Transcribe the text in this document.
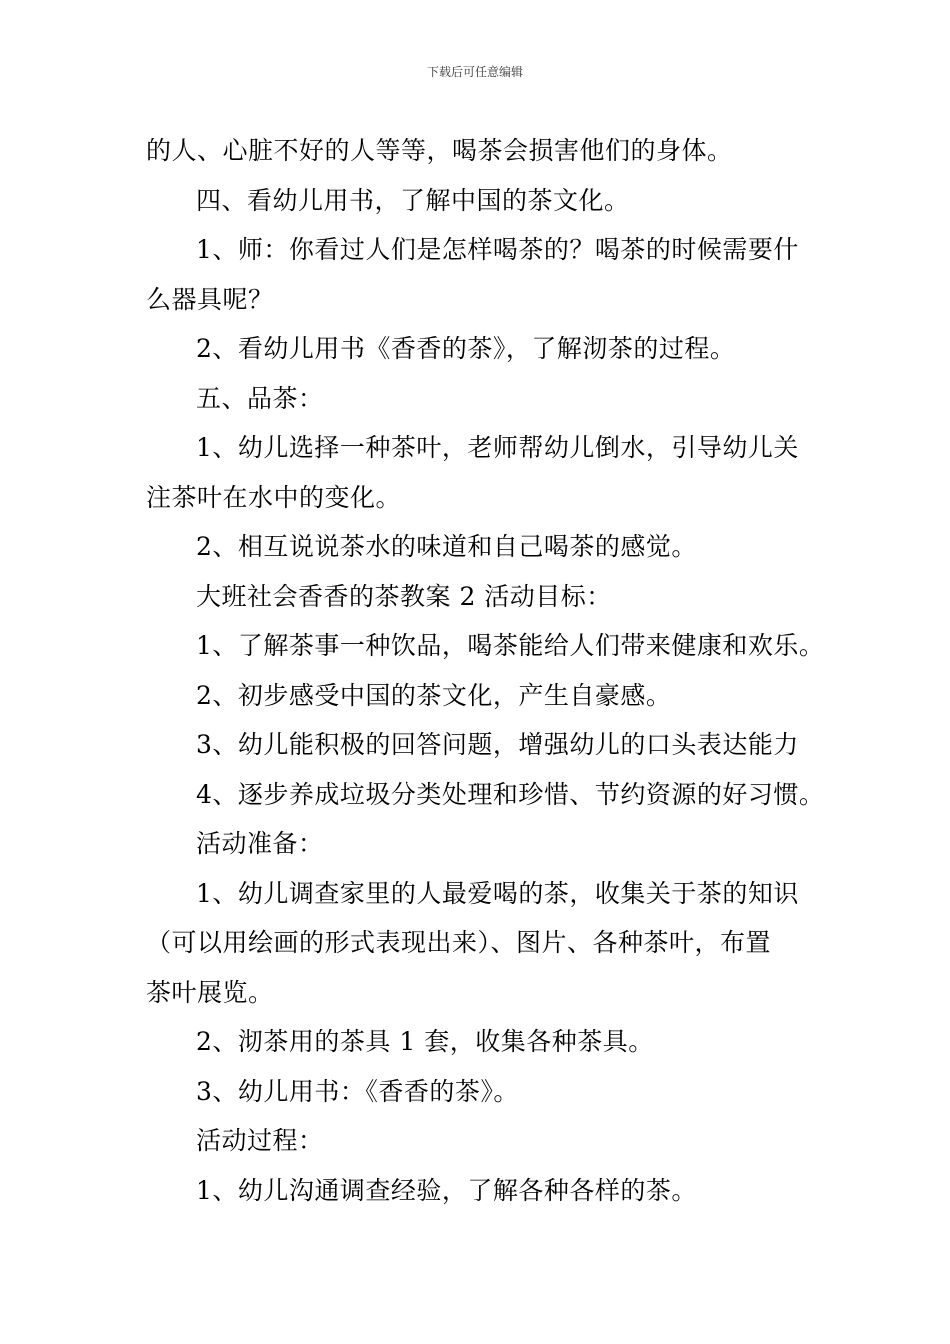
下载后可任意编辑
的人、心脏不好的人等等，喝茶会损害他们的身体。
四、看幼儿用书，了解中国的茶文化。
1、师：你看过人们是怎样喝茶的？喝茶的时候需要什
么器具呢？
2、看幼儿用书《香香的茶》，了解沏茶的过程。
五、品茶：
1、幼儿选择一种茶叶，老师帮幼儿倒水，引导幼儿关
注茶叶在水中的变化。
2、相互说说茶水的味道和自己喝茶的感觉。
大班社会香香的茶教案 2 活动目标：
1、了解茶事一种饮品，喝茶能给人们带来健康和欢乐。
2、初步感受中国的茶文化，产生自豪感。
3、幼儿能积极的回答问题，增强幼儿的口头表达能力
4、逐步养成垃圾分类处理和珍惜、节约资源的好习惯。
活动准备：
1、幼儿调查家里的人最爱喝的茶，收集关于茶的知识
（可以用绘画的形式表现出来）、图片、各种茶叶，布置
茶叶展览。
2、沏茶用的茶具 1 套，收集各种茶具。
3、幼儿用书：《香香的茶》。
活动过程：
1、幼儿沟通调查经验，了解各种各样的茶。
